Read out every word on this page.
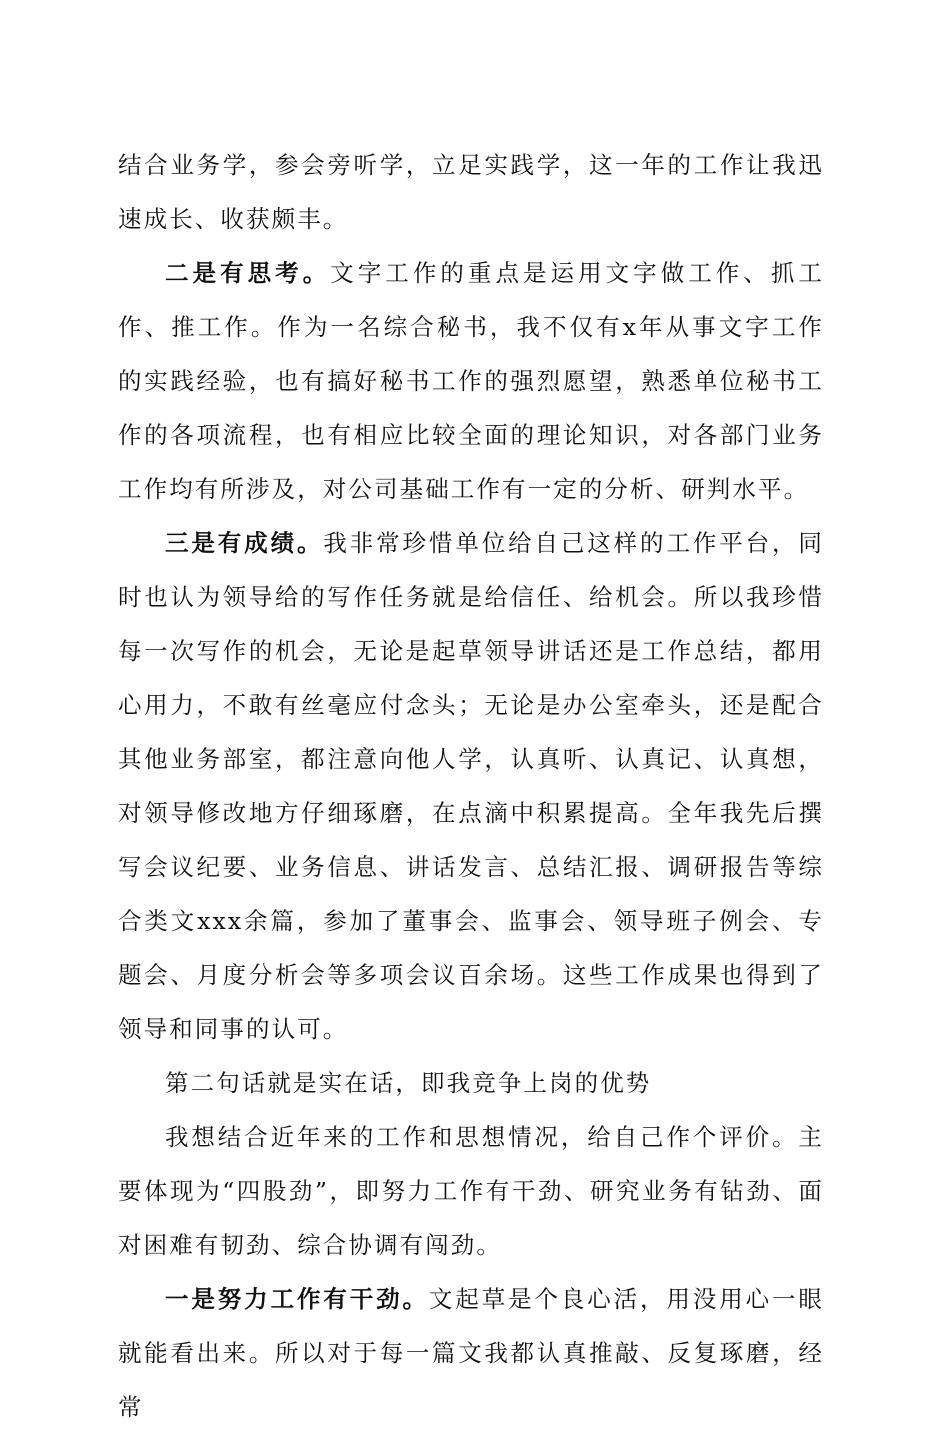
结合业务学，参会旁听学，立足实践学，这一年的工作让我迅速成长、收获颇丰。

二是有思考。文字工作的重点是运用文字做工作、抓工作、推工作。作为一名综合秘书，我不仅有x年从事文字工作的实践经验，也有搞好秘书工作的强烈愿望，熟悉单位秘书工作的各项流程，也有相应比较全面的理论知识，对各部门业务工作均有所涉及，对公司基础工作有一定的分析、研判水平。

三是有成绩。我非常珍惜单位给自己这样的工作平台，同时也认为领导给的写作任务就是给信任、给机会。所以我珍惜每一次写作的机会，无论是起草领导讲话还是工作总结，都用心用力，不敢有丝毫应付念头；无论是办公室牵头，还是配合其他业务部室，都注意向他人学，认真听、认真记、认真想，对领导修改地方仔细琢磨，在点滴中积累提高。全年我先后撰写会议纪要、业务信息、讲话发言、总结汇报、调研报告等综合类文xxx余篇，参加了董事会、监事会、领导班子例会、专题会、月度分析会等多项会议百余场。这些工作成果也得到了领导和同事的认可。

第二句话就是实在话，即我竞争上岗的优势

我想结合近年来的工作和思想情况，给自己作个评价。主要体现为“四股劲”，即努力工作有干劲、研究业务有钻劲、面对困难有韧劲、综合协调有闯劲。

一是努力工作有干劲。文起草是个良心活，用没用心一眼就能看出来。所以对于每一篇文我都认真推敲、反复琢磨，经常
